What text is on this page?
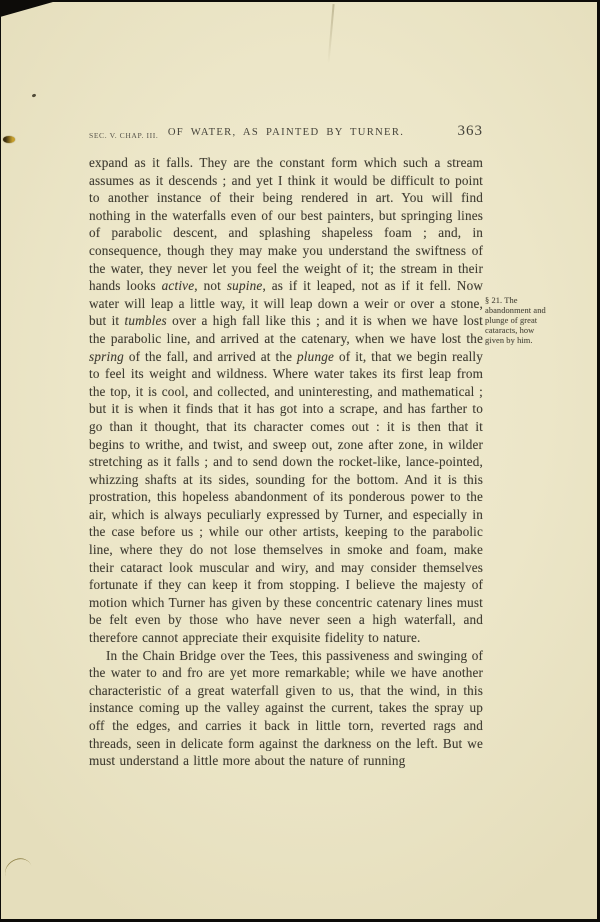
SEC. V. CHAP. III. OF WATER, AS PAINTED BY TURNER.	363

expand as it falls. They are the constant form which such a stream assumes as it descends ; and yet I think it would be difficult to point to another instance of their being rendered in art. You will find nothing in the waterfalls even of our best painters, but springing lines of parabolic descent, and splashing shapeless foam ; and, in consequence, though they may make you understand the swiftness of the water, they never let you feel the weight of it; the stream in their hands looks active, not supine, as if it leaped, not as if it fell. Now water will leap a little way, it will leap down a weir or over a stone, but it tumbles over a high fall like this ; and it is when we have lost the parabolic line, and arrived at the catenary, when we have lost the spring of the fall, and arrived at the plunge of it, that we begin really to feel its weight and wildness. Where water takes its first leap from the top, it is cool, and collected, and uninteresting, and mathematical ; but it is when it finds that it has got into a scrape, and has farther to go than it thought, that its character comes out : it is then that it begins to writhe, and twist, and sweep out, zone after zone, in wilder stretching as it falls ; and to send down the rocket-like, lance-pointed, whizzing shafts at its sides, sounding for the bottom. And it is this prostration, this hopeless abandonment of its ponderous power to the air, which is always peculiarly expressed by Turner, and especially in the case before us ; while our other artists, keeping to the parabolic line, where they do not lose themselves in smoke and foam, make their cataract look muscular and wiry, and may consider themselves fortunate if they can keep it from stopping. I believe the majesty of motion which Turner has given by these concentric catenary lines must be felt even by those who have never seen a high waterfall, and therefore cannot appreciate their exquisite fidelity to nature.

In the Chain Bridge over the Tees, this passiveness and swinging of the water to and fro are yet more remarkable; while we have another characteristic of a great waterfall given to us, that the wind, in this instance coming up the valley against the current, takes the spray up off the edges, and carries it back in little torn, reverted rags and threads, seen in delicate form against the darkness on the left. But we must understand a little more about the nature of running

§ 21. The abandonment and plunge of great cataracts, how given by him.
